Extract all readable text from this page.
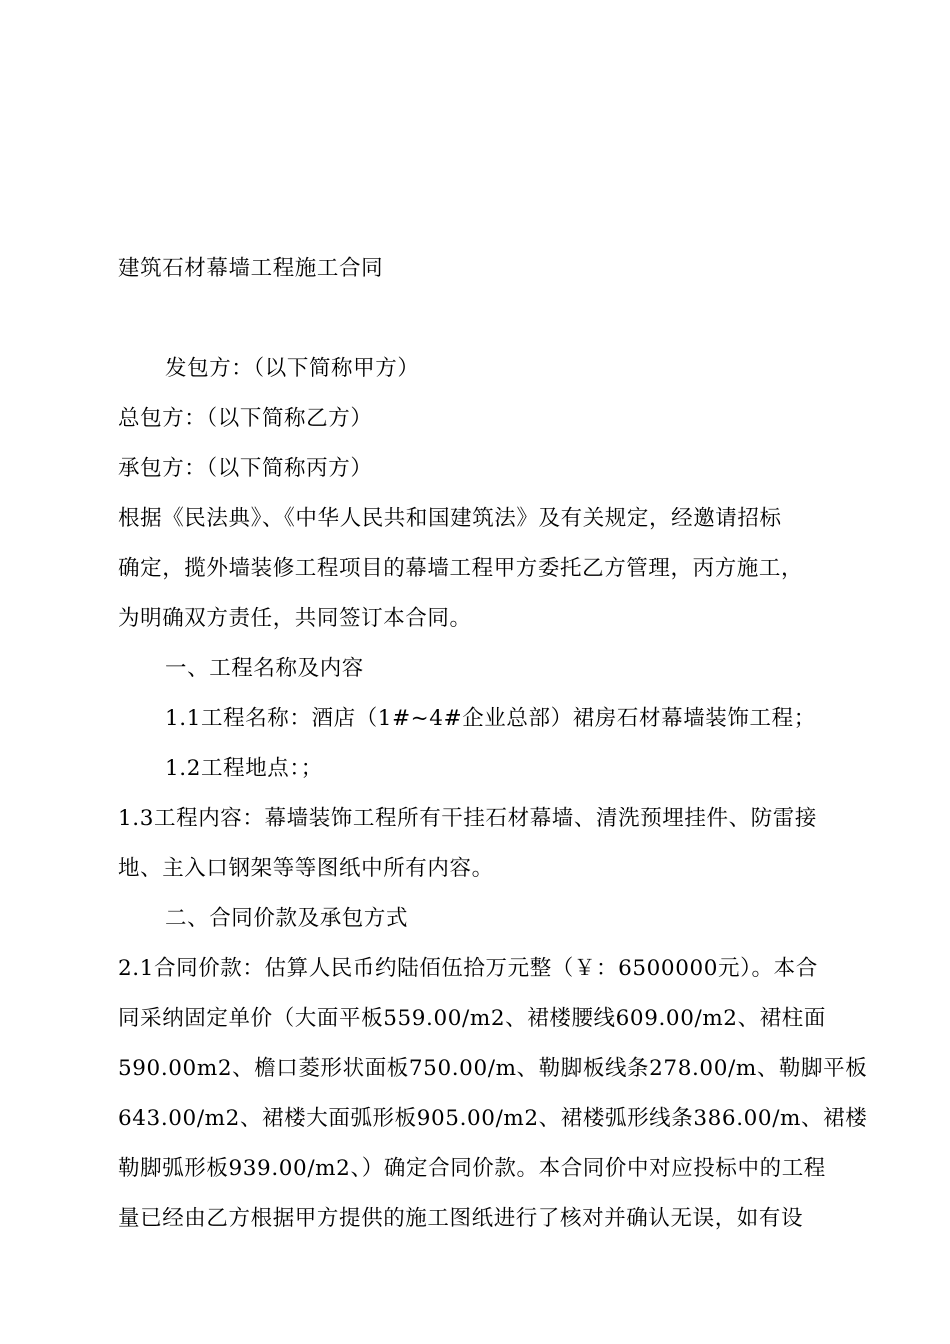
建筑石材幕墙工程施工合同
发包方：（以下简称甲方）
总包方：（以下简称乙方）
承包方：（以下简称丙方）
根据《民法典》、《中华人民共和国建筑法》及有关规定，经邀请招标
确定，揽外墙装修工程项目的幕墙工程甲方委托乙方管理，丙方施工，
为明确双方责任，共同签订本合同。
一、工程名称及内容
1.1工程名称：酒店（1#~4#企业总部）裙房石材幕墙装饰工程；
1.2工程地点：；
1.3工程内容：幕墙装饰工程所有干挂石材幕墙、清洗预埋挂件、防雷接
地、主入口钢架等等图纸中所有内容。
二、合同价款及承包方式
2.1合同价款：估算人民币约陆佰伍拾万元整（￥：6500000元）。本合
同采纳固定单价（大面平板559.00/m2、裙楼腰线609.00/m2、裙柱面
590.00m2、檐口菱形状面板750.00/m、勒脚板线条278.00/m、勒脚平板
643.00/m2、裙楼大面弧形板905.00/m2、裙楼弧形线条386.00/m、裙楼
勒脚弧形板939.00/m2、）确定合同价款。本合同价中对应投标中的工程
量已经由乙方根据甲方提供的施工图纸进行了核对并确认无误，如有设
